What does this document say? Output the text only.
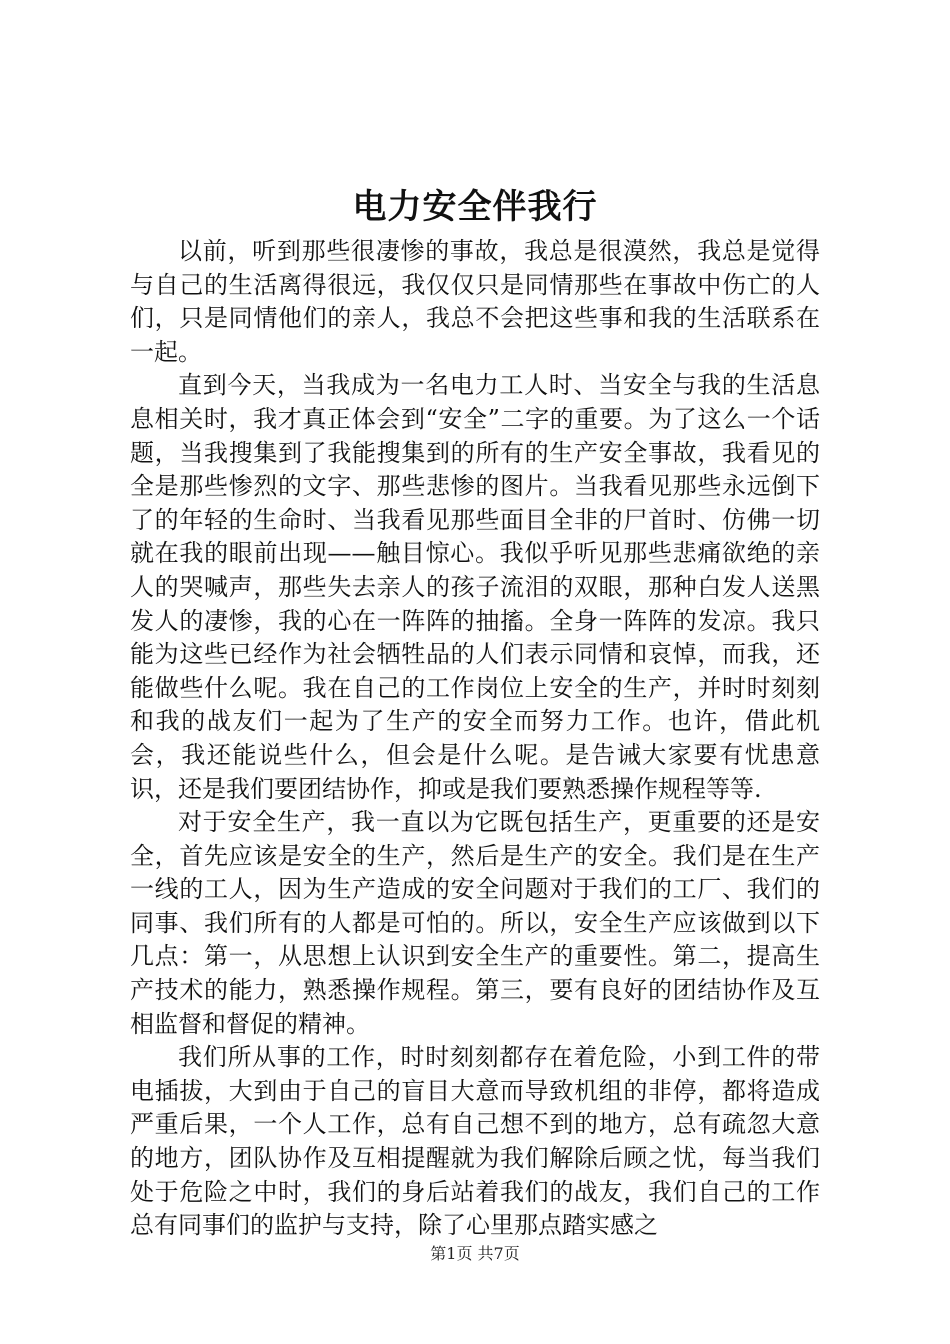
电力安全伴我行

以前，听到那些很凄惨的事故，我总是很漠然，我总是觉得与自己的生活离得很远，我仅仅只是同情那些在事故中伤亡的人们，只是同情他们的亲人，我总不会把这些事和我的生活联系在一起。

直到今天，当我成为一名电力工人时、当安全与我的生活息息相关时，我才真正体会到“安全”二字的重要。为了这么一个话题，当我搜集到了我能搜集到的所有的生产安全事故，我看见的全是那些惨烈的文字、那些悲惨的图片。当我看见那些永远倒下了的年轻的生命时、当我看见那些面目全非的尸首时、仿佛一切就在我的眼前出现——触目惊心。我似乎听见那些悲痛欲绝的亲人的哭喊声，那些失去亲人的孩子流泪的双眼，那种白发人送黑发人的凄惨，我的心在一阵阵的抽搐。全身一阵阵的发凉。我只能为这些已经作为社会牺牲品的人们表示同情和哀悼，而我，还能做些什么呢。我在自己的工作岗位上安全的生产，并时时刻刻和我的战友们一起为了生产的安全而努力工作。也许，借此机会，我还能说些什么，但会是什么呢。是告诫大家要有忧患意识，还是我们要团结协作，抑或是我们要熟悉操作规程等等.

对于安全生产，我一直以为它既包括生产，更重要的还是安全，首先应该是安全的生产，然后是生产的安全。我们是在生产一线的工人，因为生产造成的安全问题对于我们的工厂、我们的同事、我们所有的人都是可怕的。所以，安全生产应该做到以下几点：第一，从思想上认识到安全生产的重要性。第二，提高生产技术的能力，熟悉操作规程。第三，要有良好的团结协作及互相监督和督促的精神。

我们所从事的工作，时时刻刻都存在着危险，小到工件的带电插拔，大到由于自己的盲目大意而导致机组的非停，都将造成严重后果，一个人工作，总有自己想不到的地方，总有疏忽大意的地方，团队协作及互相提醒就为我们解除后顾之忧，每当我们处于危险之中时，我们的身后站着我们的战友，我们自己的工作总有同事们的监护与支持，除了心里那点踏实感之

第1页 共7页
